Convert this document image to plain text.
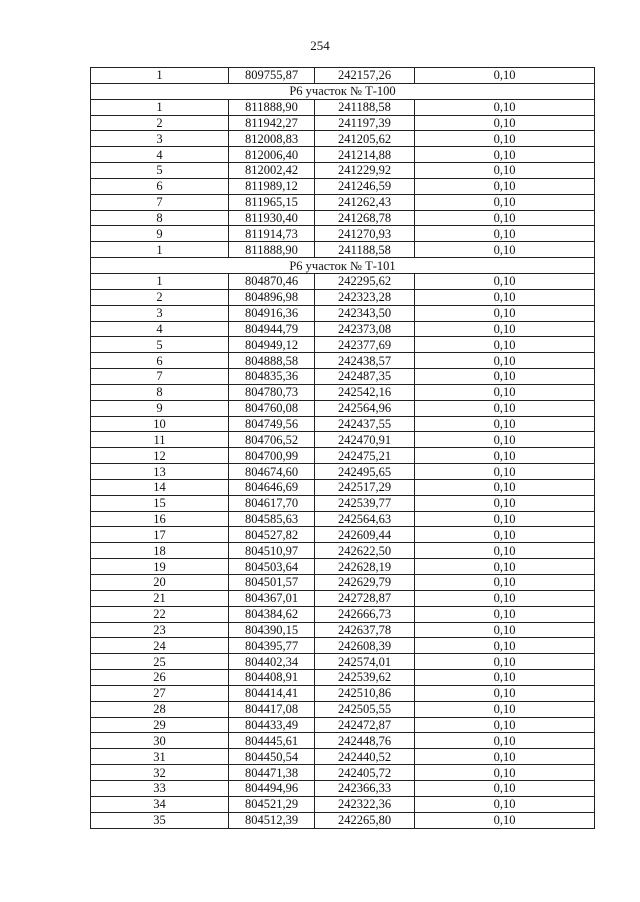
254
1	809755,87	242157,26	0,10
Р6 участок № Т-100			
1	811888,90	241188,58	0,10
2	811942,27	241197,39	0,10
3	812008,83	241205,62	0,10
4	812006,40	241214,88	0,10
5	812002,42	241229,92	0,10
6	811989,12	241246,59	0,10
7	811965,15	241262,43	0,10
8	811930,40	241268,78	0,10
9	811914,73	241270,93	0,10
1	811888,90	241188,58	0,10
Р6 участок № Т-101			
1	804870,46	242295,62	0,10
2	804896,98	242323,28	0,10
3	804916,36	242343,50	0,10
4	804944,79	242373,08	0,10
5	804949,12	242377,69	0,10
6	804888,58	242438,57	0,10
7	804835,36	242487,35	0,10
8	804780,73	242542,16	0,10
9	804760,08	242564,96	0,10
10	804749,56	242437,55	0,10
11	804706,52	242470,91	0,10
12	804700,99	242475,21	0,10
13	804674,60	242495,65	0,10
14	804646,69	242517,29	0,10
15	804617,70	242539,77	0,10
16	804585,63	242564,63	0,10
17	804527,82	242609,44	0,10
18	804510,97	242622,50	0,10
19	804503,64	242628,19	0,10
20	804501,57	242629,79	0,10
21	804367,01	242728,87	0,10
22	804384,62	242666,73	0,10
23	804390,15	242637,78	0,10
24	804395,77	242608,39	0,10
25	804402,34	242574,01	0,10
26	804408,91	242539,62	0,10
27	804414,41	242510,86	0,10
28	804417,08	242505,55	0,10
29	804433,49	242472,87	0,10
30	804445,61	242448,76	0,10
31	804450,54	242440,52	0,10
32	804471,38	242405,72	0,10
33	804494,96	242366,33	0,10
34	804521,29	242322,36	0,10
35	804512,39	242265,80	0,10
